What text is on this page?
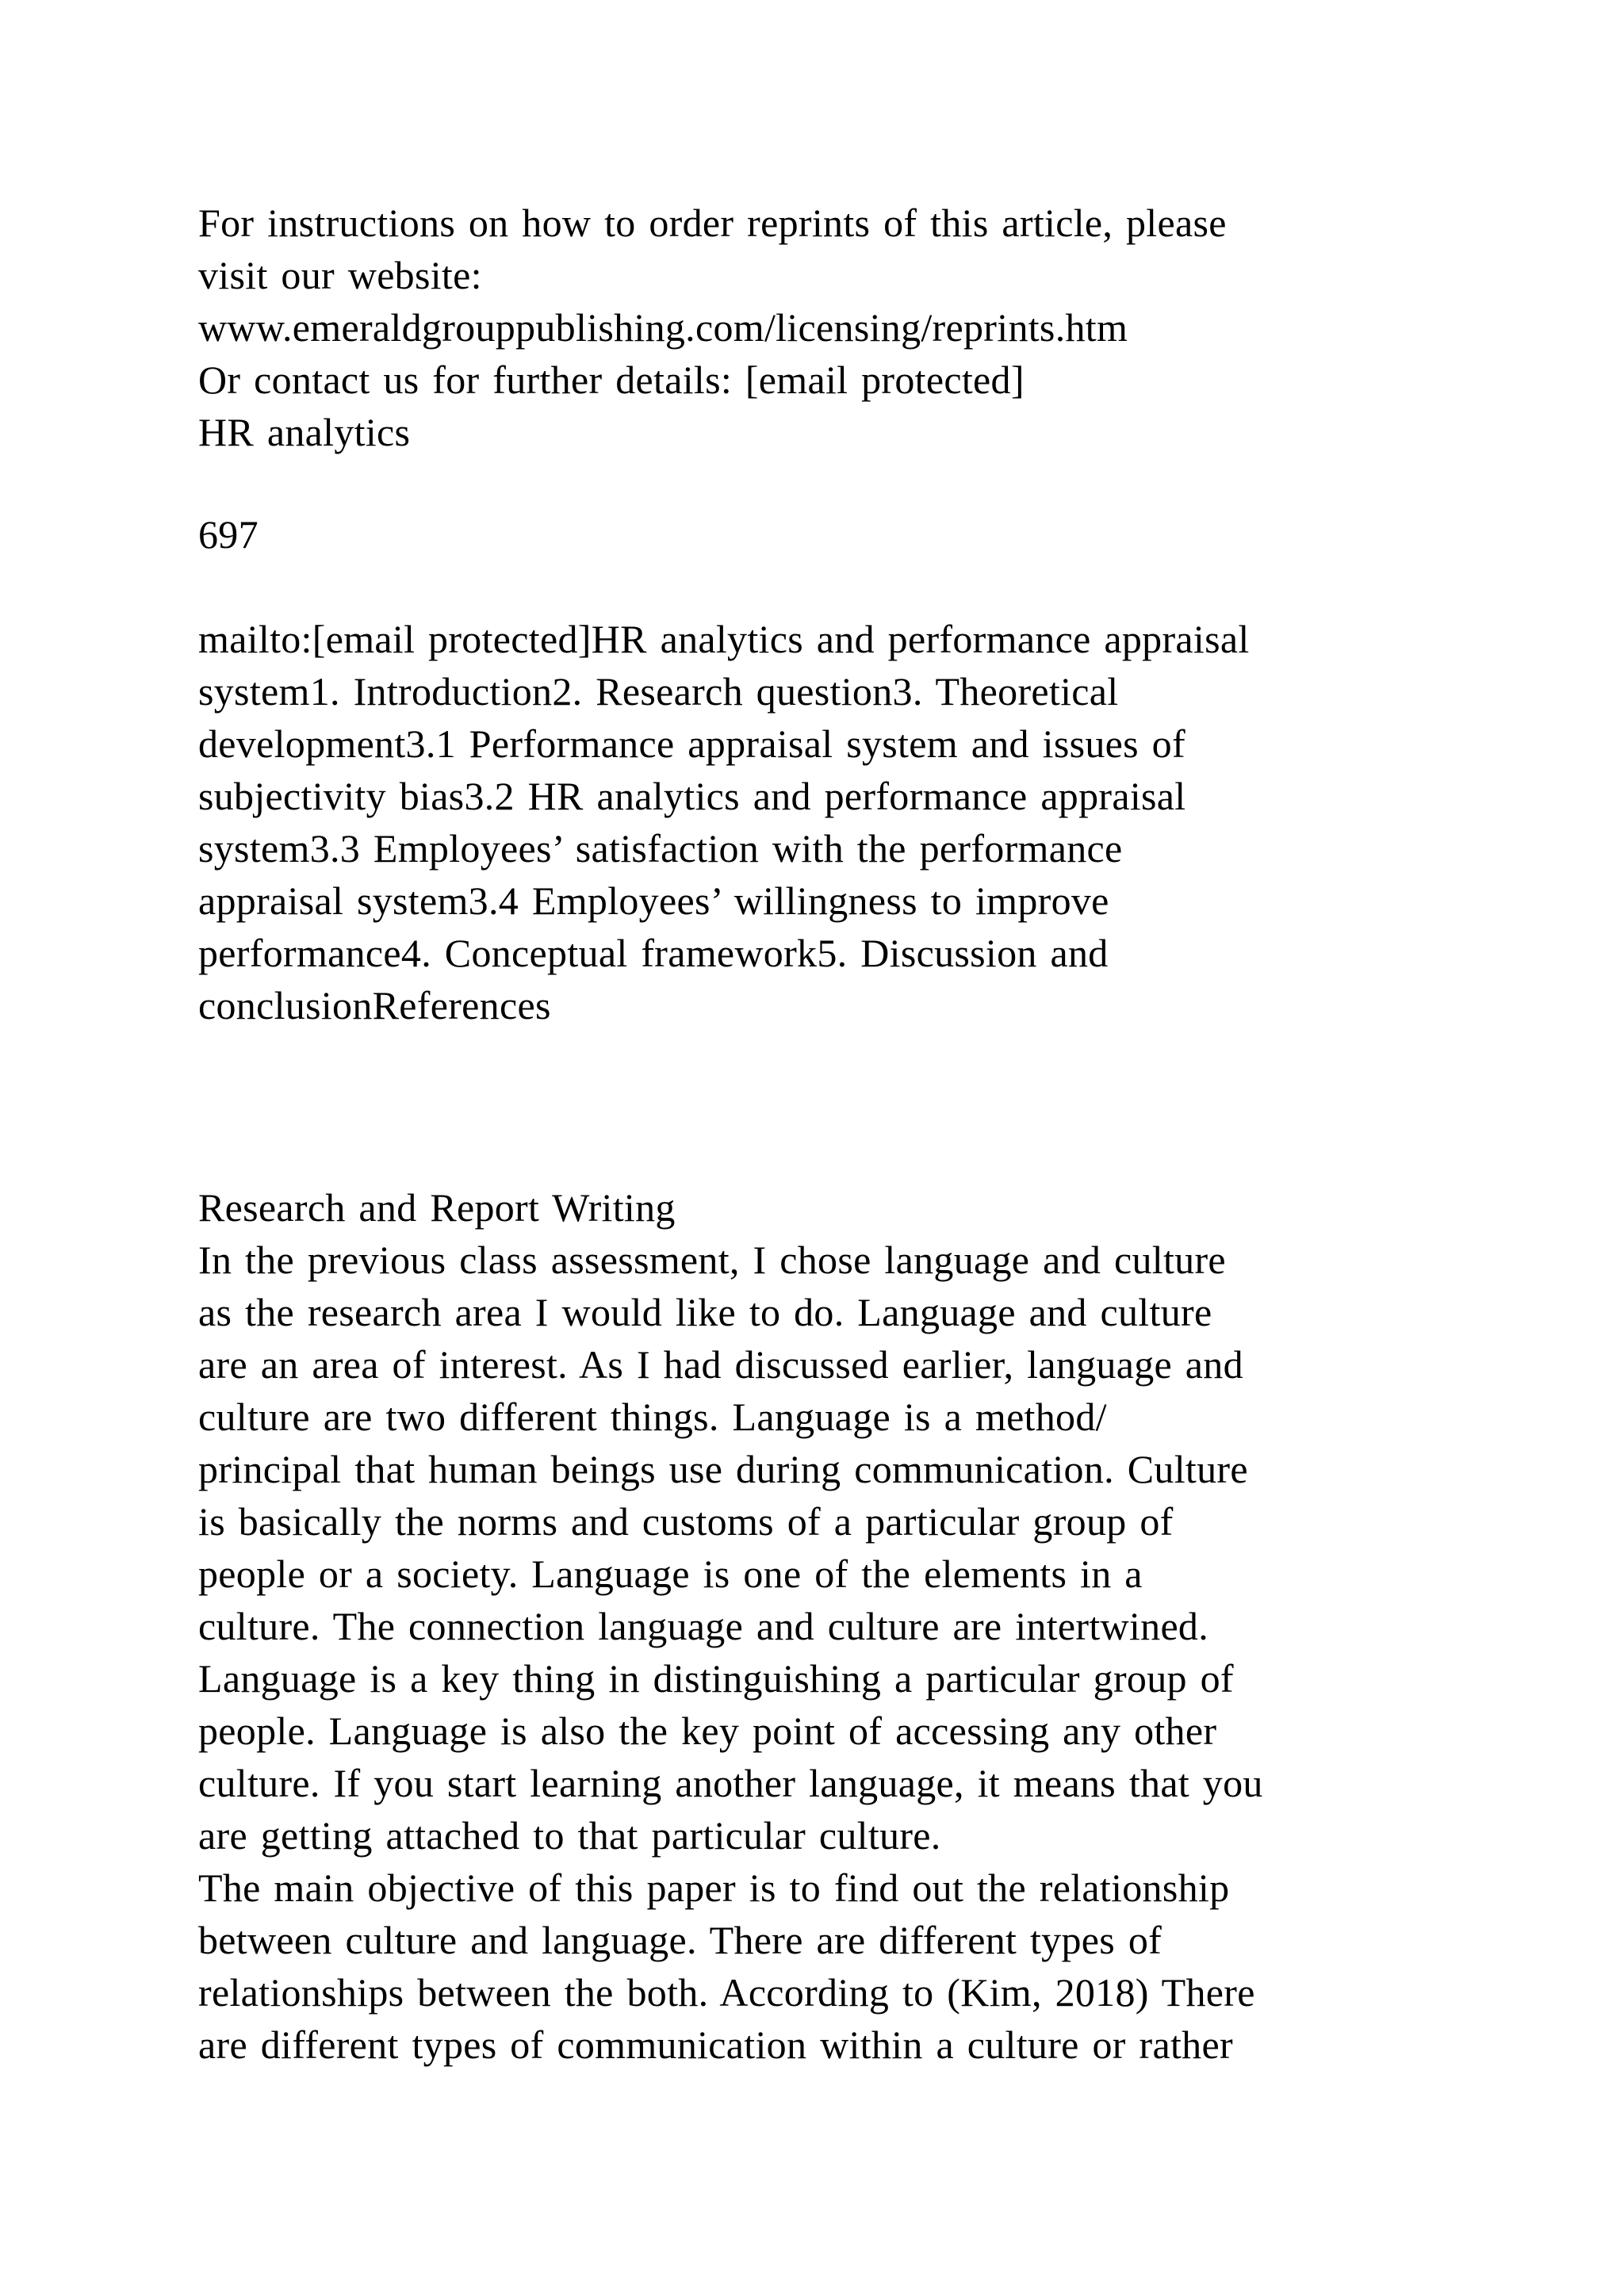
For instructions on how to order reprints of this article, please
visit our website:
www.emeraldgrouppublishing.com/licensing/reprints.htm
Or contact us for further details: [email protected]
HR analytics
697
mailto:[email protected]HR analytics and performance appraisal
system1. Introduction2. Research question3. Theoretical
development3.1 Performance appraisal system and issues of
subjectivity bias3.2 HR analytics and performance appraisal
system3.3 Employees’ satisfaction with the performance
appraisal system3.4 Employees’ willingness to improve
performance4. Conceptual framework5. Discussion and
conclusionReferences
Research and Report Writing
In the previous class assessment, I chose language and culture
as the research area I would like to do. Language and culture
are an area of interest. As I had discussed earlier, language and
culture are two different things. Language is a method/
principal that human beings use during communication. Culture
is basically the norms and customs of a particular group of
people or a society. Language is one of the elements in a
culture. The connection language and culture are intertwined.
Language is a key thing in distinguishing a particular group of
people. Language is also the key point of accessing any other
culture. If you start learning another language, it means that you
are getting attached to that particular culture.
The main objective of this paper is to find out the relationship
between culture and language. There are different types of
relationships between the both. According to (Kim, 2018) There
are different types of communication within a culture or rather
